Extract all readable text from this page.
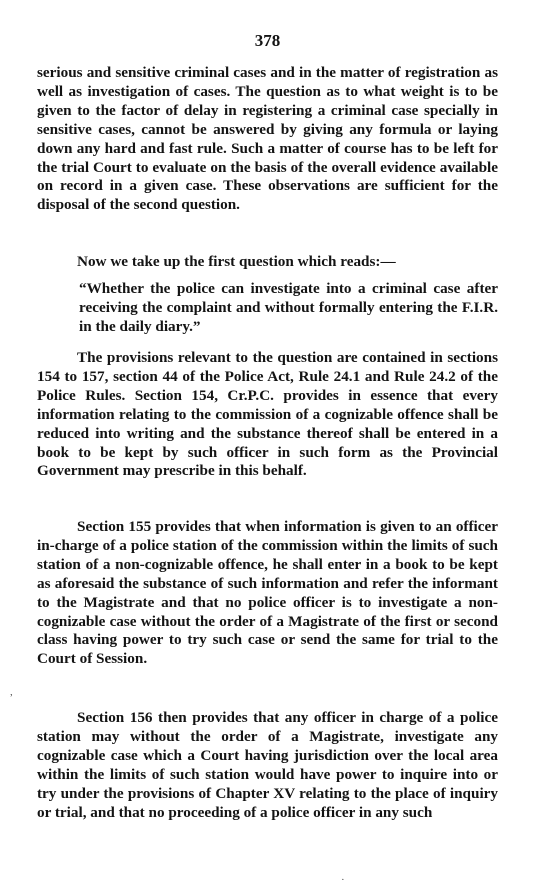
378

serious and sensitive criminal cases and in the matter of registration as well as investigation of cases. The question as to what weight is to be given to the factor of delay in registering a criminal case specially in sensitive cases, cannot be answered by giving any formula or laying down any hard and fast rule. Such a matter of course has to be left for the trial Court to evaluate on the basis of the overall evidence available on record in a given case. These observations are sufficient for the disposal of the second question.

Now we take up the first question which reads:—

“Whether the police can investigate into a criminal case after receiving the complaint and without formally entering the F.I.R. in the daily diary.”

The provisions relevant to the question are contained in sections 154 to 157, section 44 of the Police Act, Rule 24.1 and Rule 24.2 of the Police Rules. Section 154, Cr.P.C. provides in essence that every information relating to the commission of a cognizable offence shall be reduced into writing and the substance thereof shall be entered in a book to be kept by such officer in such form as the Provincial Government may prescribe in this behalf.

Section 155 provides that when information is given to an officer in-charge of a police station of the commission within the limits of such station of a non-cognizable offence, he shall enter in a book to be kept as aforesaid the substance of such information and refer the informant to the Magistrate and that no police officer is to investigate a non-cognizable case without the order of a Magistrate of the first or second class having power to try such case or send the same for trial to the Court of Session.

Section 156 then provides that any officer in charge of a police station may without the order of a Magistrate, investigate any cognizable case which a Court having jurisdiction over the local area within the limits of such station would have power to inquire into or try under the provisions of Chapter XV relating to the place of inquiry or trial, and that no proceeding of a police officer in any such

,
·
